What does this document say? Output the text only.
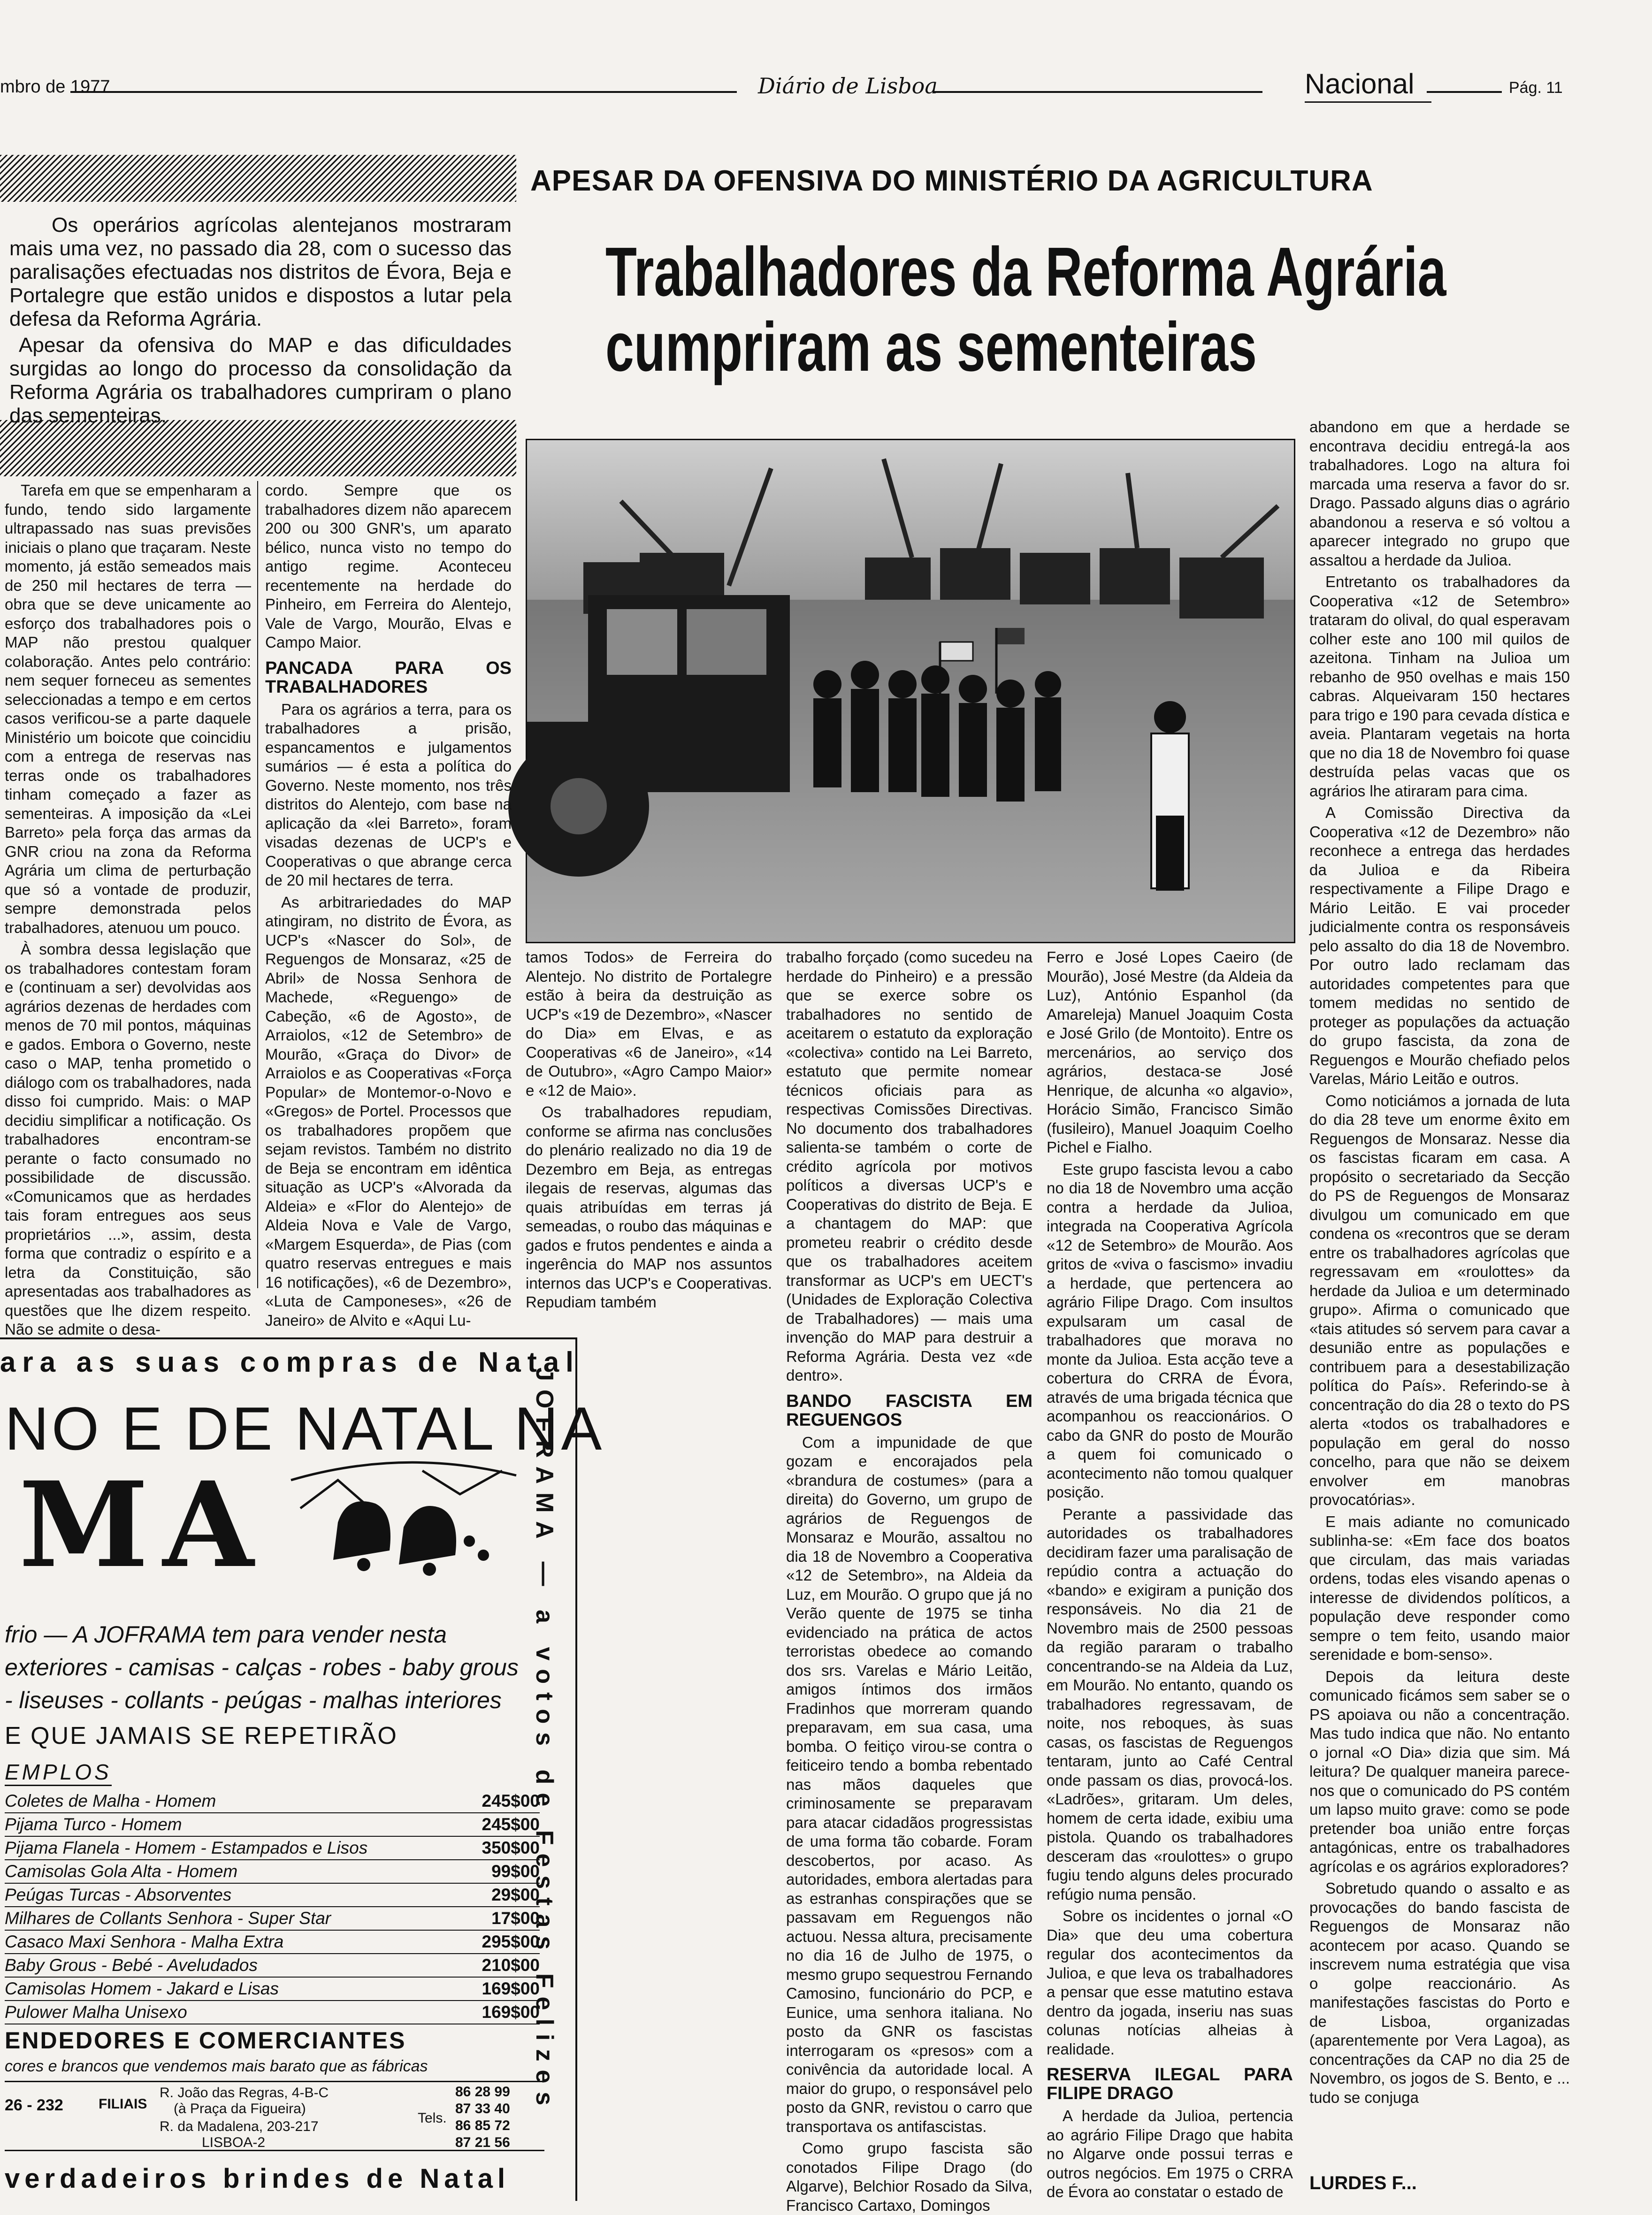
mbro de 1977	Diário de Lisboa	Nacional	Pág. 11
APESAR DA OFENSIVA DO MINISTÉRIO DA AGRICULTURA
Trabalhadores da Reforma Agrária
cumpriram as sementeiras

Os operários agrícolas alentejanos mostraram mais uma vez, no passado dia 28, com o sucesso das paralisações efectuadas nos distritos de Évora, Beja e Portalegre que estão unidos e dispostos a lutar pela defesa da Reforma Agrária.

Apesar da ofensiva do MAP e das dificuldades surgidas ao longo do processo da consolidação da Reforma Agrária os trabalhadores cumpriram o plano das sementeiras.

Tarefa em que se empenharam a fundo, tendo sido largamente ultrapassado nas suas previsões iniciais o plano que traçaram. Neste momento, já estão semeados mais de 250 mil hectares de terra — obra que se deve unicamente ao esforço dos trabalhadores pois o MAP não prestou qualquer colaboração. Antes pelo contrário: nem sequer forneceu as sementes seleccionadas a tempo e em certos casos verificou-se a parte daquele Ministério um boicote que coincidiu com a entrega de reservas nas terras onde os trabalhadores tinham começado a fazer as sementeiras. A imposição da «Lei Barreto» pela força das armas da GNR criou na zona da Reforma Agrária um clima de perturbação que só a vontade de produzir, sempre demonstrada pelos trabalhadores, atenuou um pouco.

À sombra dessa legislação que os trabalhadores contestam foram e (continuam a ser) devolvidas aos agrários dezenas de herdades com menos de 70 mil pontos, máquinas e gados. Embora o Governo, neste caso o MAP, tenha prometido o diálogo com os trabalhadores, nada disso foi cumprido. Mais: o MAP decidiu simplificar a notificação. Os trabalhadores encontram-se perante o facto consumado no possibilidade de discussão. «Comunicamos que as herdades tais foram entregues aos seus proprietários ...», assim, desta forma que contradiz o espírito e a letra da Constituição, são apresentadas aos trabalhadores as questões que lhe dizem respeito. Não se admite o desa-

cordo. Sempre que os trabalhadores dizem não aparecem 200 ou 300 GNR's, um aparato bélico, nunca visto no tempo do antigo regime. Aconteceu recentemente na herdade do Pinheiro, em Ferreira do Alentejo, Vale de Vargo, Mourão, Elvas e Campo Maior.

PANCADA PARA OS TRABALHADORES

Para os agrários a terra, para os trabalhadores a prisão, espancamentos e julgamentos sumários — é esta a política do Governo. Neste momento, nos três distritos do Alentejo, com base na aplicação da «lei Barreto», foram visadas dezenas de UCP's e Cooperativas o que abrange cerca de 20 mil hectares de terra.

As arbitrariedades do MAP atingiram, no distrito de Évora, as UCP's «Nascer do Sol», de Reguengos de Monsaraz, «25 de Abril» de Nossa Senhora de Machede, «Reguengo» de Cabeção, «6 de Agosto», de Arraiolos, «12 de Setembro» de Mourão, «Graça do Divor» de Arraiolos e as Cooperativas «Força Popular» de Montemor-o-Novo e «Gregos» de Portel. Processos que os trabalhadores propõem que sejam revistos. Também no distrito de Beja se encontram em idêntica situação as UCP's «Alvorada da Aldeia» e «Flor do Alentejo» de Aldeia Nova e Vale de Vargo, «Margem Esquerda», de Pias (com quatro reservas entregues e mais 16 notificações), «6 de Dezembro», «Luta de Camponeses», «26 de Janeiro» de Alvito e «Aqui Lu-

tamos Todos» de Ferreira do Alentejo. No distrito de Portalegre estão à beira da destruição as UCP's «19 de Dezembro», «Nascer do Dia» em Elvas, e as Cooperativas «6 de Janeiro», «14 de Outubro», «Agro Campo Maior» e «12 de Maio».

Os trabalhadores repudiam, conforme se afirma nas conclusões do plenário realizado no dia 19 de Dezembro em Beja, as entregas ilegais de reservas, algumas das quais atribuídas em terras já semeadas, o roubo das máquinas e gados e frutos pendentes e ainda a ingerência do MAP nos assuntos internos das UCP's e Cooperativas. Repudiam também

trabalho forçado (como sucedeu na herdade do Pinheiro) e a pressão que se exerce sobre os trabalhadores no sentido de aceitarem o estatuto da exploração «colectiva» contido na Lei Barreto, estatuto que permite nomear técnicos oficiais para as respectivas Comissões Directivas. No documento dos trabalhadores salienta-se também o corte de crédito agrícola por motivos políticos a diversas UCP's e Cooperativas do distrito de Beja. E a chantagem do MAP: que prometeu reabrir o crédito desde que os trabalhadores aceitem transformar as UCP's em UECT's (Unidades de Exploração Colectiva de Trabalhadores) — mais uma invenção do MAP para destruir a Reforma Agrária. Desta vez «de dentro».

BANDO FASCISTA EM REGUENGOS

Com a impunidade de que gozam e encorajados pela «brandura de costumes» (para a direita) do Governo, um grupo de agrários de Reguengos de Monsaraz e Mourão, assaltou no dia 18 de Novembro a Cooperativa «12 de Setembro», na Aldeia da Luz, em Mourão. O grupo que já no Verão quente de 1975 se tinha evidenciado na prática de actos terroristas obedece ao comando dos srs. Varelas e Mário Leitão, amigos íntimos dos irmãos Fradinhos que morreram quando preparavam, em sua casa, uma bomba. O feitiço virou-se contra o feiticeiro tendo a bomba rebentado nas mãos daqueles que criminosamente se preparavam para atacar cidadãos progressistas de uma forma tão cobarde. Foram descobertos, por acaso. As autoridades, embora alertadas para as estranhas conspirações que se passavam em Reguengos não actuou. Nessa altura, precisamente no dia 16 de Julho de 1975, o mesmo grupo sequestrou Fernando Camosino, funcionário do PCP, e Eunice, uma senhora italiana. No posto da GNR os fascistas interrogaram os «presos» com a conivência da autoridade local. A maior do grupo, o responsável pelo posto da GNR, revistou o carro que transportava os antifascistas.

Como grupo fascista são conotados Filipe Drago (do Algarve), Belchior Rosado da Silva, Francisco Cartaxo, Domingos

Ferro e José Lopes Caeiro (de Mourão), José Mestre (da Aldeia da Luz), António Espanhol (da Amareleja) Manuel Joaquim Costa e José Grilo (de Montoito). Entre os mercenários, ao serviço dos agrários, destaca-se José Henrique, de alcunha «o algavio», Horácio Simão, Francisco Simão (fusileiro), Manuel Joaquim Coelho Pichel e Fialho.

Este grupo fascista levou a cabo no dia 18 de Novembro uma acção contra a herdade da Julioa, integrada na Cooperativa Agrícola «12 de Setembro» de Mourão. Aos gritos de «viva o fascismo» invadiu a herdade, que pertencera ao agrário Filipe Drago. Com insultos expulsaram um casal de trabalhadores que morava no monte da Julioa. Esta acção teve a cobertura do CRRA de Évora, através de uma brigada técnica que acompanhou os reaccionários. O cabo da GNR do posto de Mourão a quem foi comunicado o acontecimento não tomou qualquer posição.

Perante a passividade das autoridades os trabalhadores decidiram fazer uma paralisação de repúdio contra a actuação do «bando» e exigiram a punição dos responsáveis. No dia 21 de Novembro mais de 2500 pessoas da região pararam o trabalho concentrando-se na Aldeia da Luz, em Mourão. No entanto, quando os trabalhadores regressavam, de noite, nos reboques, às suas casas, os fascistas de Reguengos tentaram, junto ao Café Central onde passam os dias, provocá-los. «Ladrões», gritaram. Um deles, homem de certa idade, exibiu uma pistola. Quando os trabalhadores desceram das «roulottes» o grupo fugiu tendo alguns deles procurado refúgio numa pensão.

Sobre os incidentes o jornal «O Dia» que deu uma cobertura regular dos acontecimentos da Julioa, e que leva os trabalhadores a pensar que esse matutino estava dentro da jogada, inseriu nas suas colunas notícias alheias à realidade.

RESERVA ILEGAL PARA FILIPE DRAGO

A herdade da Julioa, pertencia ao agrário Filipe Drago que habita no Algarve onde possui terras e outros negócios. Em 1975 o CRRA de Évora ao constatar o estado de

abandono em que a herdade se encontrava decidiu entregá-la aos trabalhadores. Logo na altura foi marcada uma reserva a favor do sr. Drago. Passado alguns dias o agrário abandonou a reserva e só voltou a aparecer integrado no grupo que assaltou a herdade da Julioa.

Entretanto os trabalhadores da Cooperativa «12 de Setembro» trataram do olival, do qual esperavam colher este ano 100 mil quilos de azeitona. Tinham na Julioa um rebanho de 950 ovelhas e mais 150 cabras. Alqueivaram 150 hectares para trigo e 190 para cevada dística e aveia. Plantaram vegetais na horta que no dia 18 de Novembro foi quase destruída pelas vacas que os agrários lhe atiraram para cima.

A Comissão Directiva da Cooperativa «12 de Dezembro» não reconhece a entrega das herdades da Julioa e da Ribeira respectivamente a Filipe Drago e Mário Leitão. E vai proceder judicialmente contra os responsáveis pelo assalto do dia 18 de Novembro. Por outro lado reclamam das autoridades competentes para que tomem medidas no sentido de proteger as populações da actuação do grupo fascista, da zona de Reguengos e Mourão chefiado pelos Varelas, Mário Leitão e outros.

Como noticiámos a jornada de luta do dia 28 teve um enorme êxito em Reguengos de Monsaraz. Nesse dia os fascistas ficaram em casa. A propósito o secretariado da Secção do PS de Reguengos de Monsaraz divulgou um comunicado em que condena os «recontros que se deram entre os trabalhadores agrícolas que regressavam em «roulottes» da herdade da Julioa e um determinado grupo». Afirma o comunicado que «tais atitudes só servem para cavar a desunião entre as populações e contribuem para a desestabilização política do País». Referindo-se à concentração do dia 28 o texto do PS alerta «todos os trabalhadores e população em geral do nosso concelho, para que não se deixem envolver em manobras provocatórias».

E mais adiante no comunicado sublinha-se: «Em face dos boatos que circulam, das mais variadas ordens, todas eles visando apenas o interesse de dividendos políticos, a população deve responder como sempre o tem feito, usando maior serenidade e bom-senso».

Depois da leitura deste comunicado ficámos sem saber se o PS apoiava ou não a concentração. Mas tudo indica que não. No entanto o jornal «O Dia» dizia que sim. Má leitura? De qualquer maneira parece-nos que o comunicado do PS contém um lapso muito grave: como se pode pretender boa união entre forças antagónicas, entre os trabalhadores agrícolas e os agrários exploradores?

Sobretudo quando o assalto e as provocações do bando fascista de Reguengos de Monsaraz não acontecem por acaso. Quando se inscrevem numa estratégia que visa o golpe reaccionário. As manifestações fascistas do Porto e de Lisboa, organizadas (aparentemente por Vera Lagoa), as concentrações da CAP no dia 25 de Novembro, os jogos de S. Bento, e ... tudo se conjuga

LURDES F...
ara as suas compras de Natal
NO E DE NATAL NA
MA	JOFRAMA — a votos de Festas Felizes
frio — A JOFRAMA tem para vender nesta
exteriores - camisas - calças - robes - baby grous
- liseuses - collants - peúgas - malhas interiores
E QUE JAMAIS SE REPETIRÃO
EMPLOS
Coletes de Malha - Homem	245$00
Pijama Turco - Homem	245$00
Pijama Flanela - Homem - Estampados e Lisos	350$00
Camisolas Gola Alta - Homem	99$00
Peúgas Turcas - Absorventes	29$00
Milhares de Collants Senhora - Super Star	17$00
Casaco Maxi Senhora - Malha Extra	295$00
Baby Grous - Bebé - Aveludados	210$00
Camisolas Homem - Jakard e Lisas	169$00
Pulower Malha Unisexo	169$00
ENDEDORES E COMERCIANTES
cores e brancos que vendemos mais barato que as fábricas
26 - 232	FILIAIS
R. João das Regras, 4-B-C
(à Praça da Figueira)
R. da Madalena, 203-217
LISBOA-2
Tels.
86 28 99
87 33 40
86 85 72
87 21 56
verdadeiros brindes de Natal
